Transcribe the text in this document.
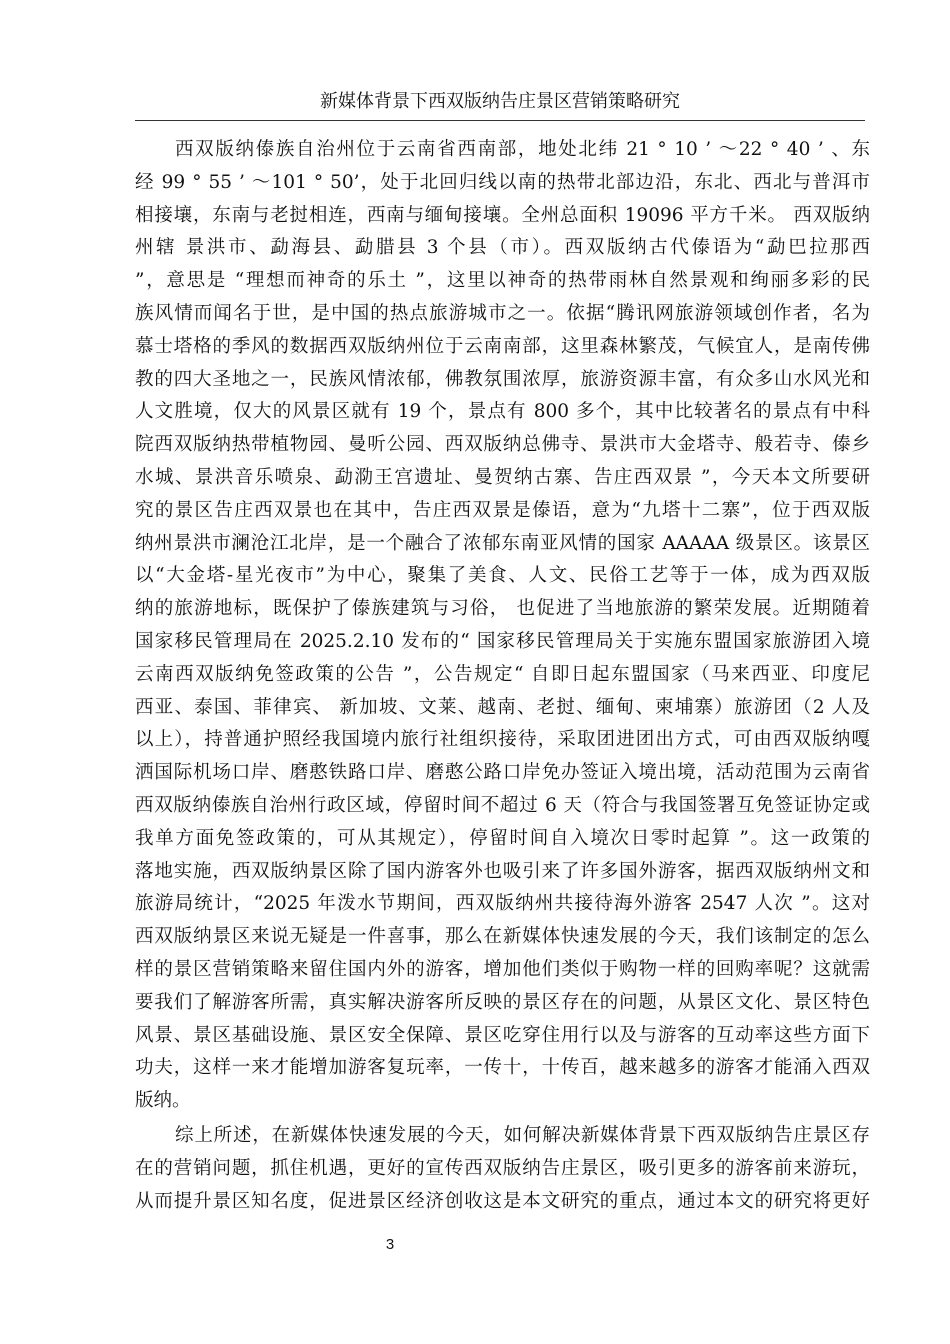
新媒体背景下西双版纳告庄景区营销策略研究
西双版纳傣族自治州位于云南省西南部，地处北纬 21 ° 10 ’ ～22 ° 40 ’ 、东
经 99 ° 55 ’ ～101 ° 50’，处于北回归线以南的热带北部边沿，东北、西北与普洱市
相接壤，东南与老挝相连，西南与缅甸接壤。全州总面积 19096 平方千米。 西双版纳
州辖 景洪市、勐海县、勐腊县 3 个县（市）。西双版纳古代傣语为“勐巴拉那西
”，意思是 “理想而神奇的乐土 ”，这里以神奇的热带雨林自然景观和绚丽多彩的民
族风情而闻名于世，是中国的热点旅游城市之一。依据“腾讯网旅游领域创作者，名为
慕士塔格的季风的数据西双版纳州位于云南南部，这里森林繁茂，气候宜人，是南传佛
教的四大圣地之一，民族风情浓郁，佛教氛围浓厚，旅游资源丰富，有众多山水风光和
人文胜境，仅大的风景区就有 19 个，景点有 800 多个，其中比较著名的景点有中科
院西双版纳热带植物园、曼听公园、西双版纳总佛寺、景洪市大金塔寺、般若寺、傣乡
水城、景洪音乐喷泉、勐泐王宫遗址、曼贺纳古寨、告庄西双景 ”，今天本文所要研
究的景区告庄西双景也在其中，告庄西双景是傣语，意为“九塔十二寨”，位于西双版
纳州景洪市澜沧江北岸，是一个融合了浓郁东南亚风情的国家 AAAAA 级景区。该景区
以“大金塔-星光夜市”为中心，聚集了美食、人文、民俗工艺等于一体，成为西双版
纳的旅游地标，既保护了傣族建筑与习俗， 也促进了当地旅游的繁荣发展。近期随着
国家移民管理局在 2025.2.10 发布的“ 国家移民管理局关于实施东盟国家旅游团入境
云南西双版纳免签政策的公告 ”，公告规定“ 自即日起东盟国家（马来西亚、印度尼
西亚、泰国、菲律宾、 新加坡、文莱、越南、老挝、缅甸、柬埔寨）旅游团（2 人及
以上），持普通护照经我国境内旅行社组织接待，采取团进团出方式，可由西双版纳嘎
洒国际机场口岸、磨憨铁路口岸、磨憨公路口岸免办签证入境出境，活动范围为云南省
西双版纳傣族自治州行政区域，停留时间不超过 6 天（符合与我国签署互免签证协定或
我单方面免签政策的，可从其规定），停留时间自入境次日零时起算 ”。这一政策的
落地实施，西双版纳景区除了国内游客外也吸引来了许多国外游客，据西双版纳州文和
旅游局统计，“2025 年泼水节期间，西双版纳州共接待海外游客 2547 人次 ”。这对
西双版纳景区来说无疑是一件喜事，那么在新媒体快速发展的今天，我们该制定的怎么
样的景区营销策略来留住国内外的游客，增加他们类似于购物一样的回购率呢？这就需
要我们了解游客所需，真实解决游客所反映的景区存在的问题，从景区文化、景区特色
风景、景区基础设施、景区安全保障、景区吃穿住用行以及与游客的互动率这些方面下
功夫，这样一来才能增加游客复玩率，一传十，十传百，越来越多的游客才能涌入西双
版纳。
综上所述，在新媒体快速发展的今天，如何解决新媒体背景下西双版纳告庄景区存
在的营销问题，抓住机遇，更好的宣传西双版纳告庄景区，吸引更多的游客前来游玩，
从而提升景区知名度，促进景区经济创收这是本文研究的重点，通过本文的研究将更好
3
